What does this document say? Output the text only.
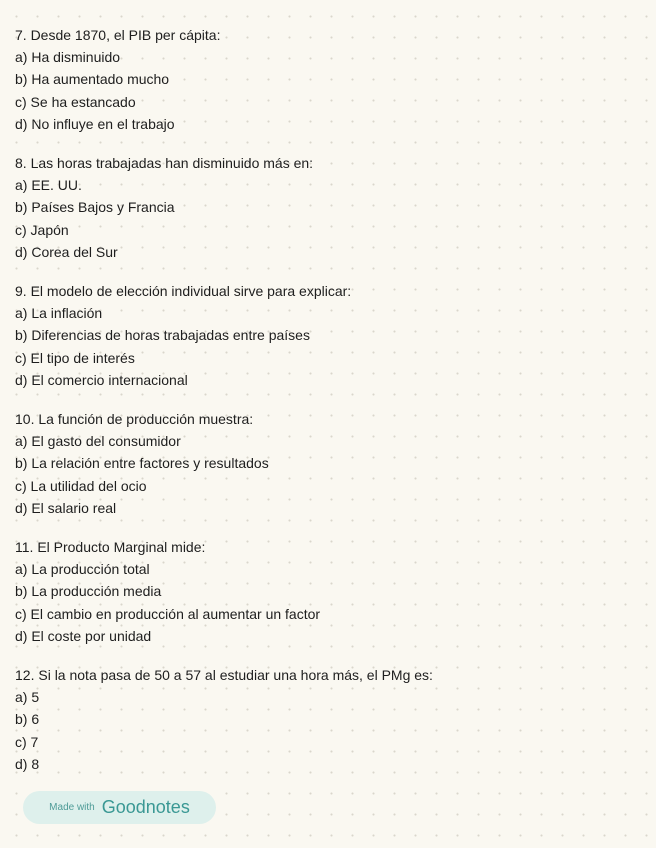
7. Desde 1870, el PIB per cápita:
a) Ha disminuido
b) Ha aumentado mucho
c) Se ha estancado
d) No influye en el trabajo
8. Las horas trabajadas han disminuido más en:
a) EE. UU.
b) Países Bajos y Francia
c) Japón
d) Corea del Sur
9. El modelo de elección individual sirve para explicar:
a) La inflación
b) Diferencias de horas trabajadas entre países
c) El tipo de interés
d) El comercio internacional
10. La función de producción muestra:
a) El gasto del consumidor
b) La relación entre factores y resultados
c) La utilidad del ocio
d) El salario real
11. El Producto Marginal mide:
a) La producción total
b) La producción media
c) El cambio en producción al aumentar un factor
d) El coste por unidad
12. Si la nota pasa de 50 a 57 al estudiar una hora más, el PMg es:
a) 5
b) 6
c) 7
d) 8
Made with Goodnotes
